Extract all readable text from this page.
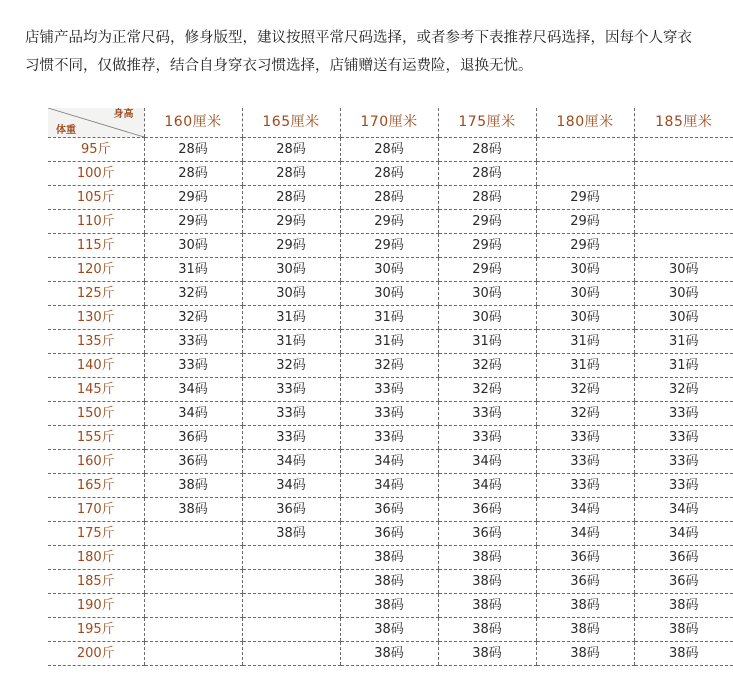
店铺产品均为正常尺码，修身版型，建议按照平常尺码选择，或者参考下表推荐尺码选择，因每个人穿衣
习惯不同，仅做推荐，结合自身穿衣习惯选择，店铺赠送有运费险，退换无忧。
身高
体重	160厘米	165厘米	170厘米	175厘米	180厘米	185厘米
95斤	28码	28码	28码	28码		
100斤	28码	28码	28码	28码		
105斤	29码	28码	28码	28码	29码	
110斤	29码	29码	29码	29码	29码	
115斤	30码	29码	29码	29码	29码	
120斤	31码	30码	30码	29码	30码	30码
125斤	32码	30码	30码	30码	30码	30码
130斤	32码	31码	31码	30码	30码	30码
135斤	33码	31码	31码	31码	31码	31码
140斤	33码	32码	32码	32码	31码	31码
145斤	34码	33码	33码	32码	32码	32码
150斤	34码	33码	33码	33码	32码	33码
155斤	36码	33码	33码	33码	33码	33码
160斤	36码	34码	34码	34码	33码	33码
165斤	38码	34码	34码	34码	33码	33码
170斤	38码	36码	36码	36码	34码	34码
175斤		38码	36码	36码	34码	34码
180斤			38码	38码	36码	36码
185斤			38码	38码	36码	36码
190斤			38码	38码	38码	38码
195斤			38码	38码	38码	38码
200斤			38码	38码	38码	38码
